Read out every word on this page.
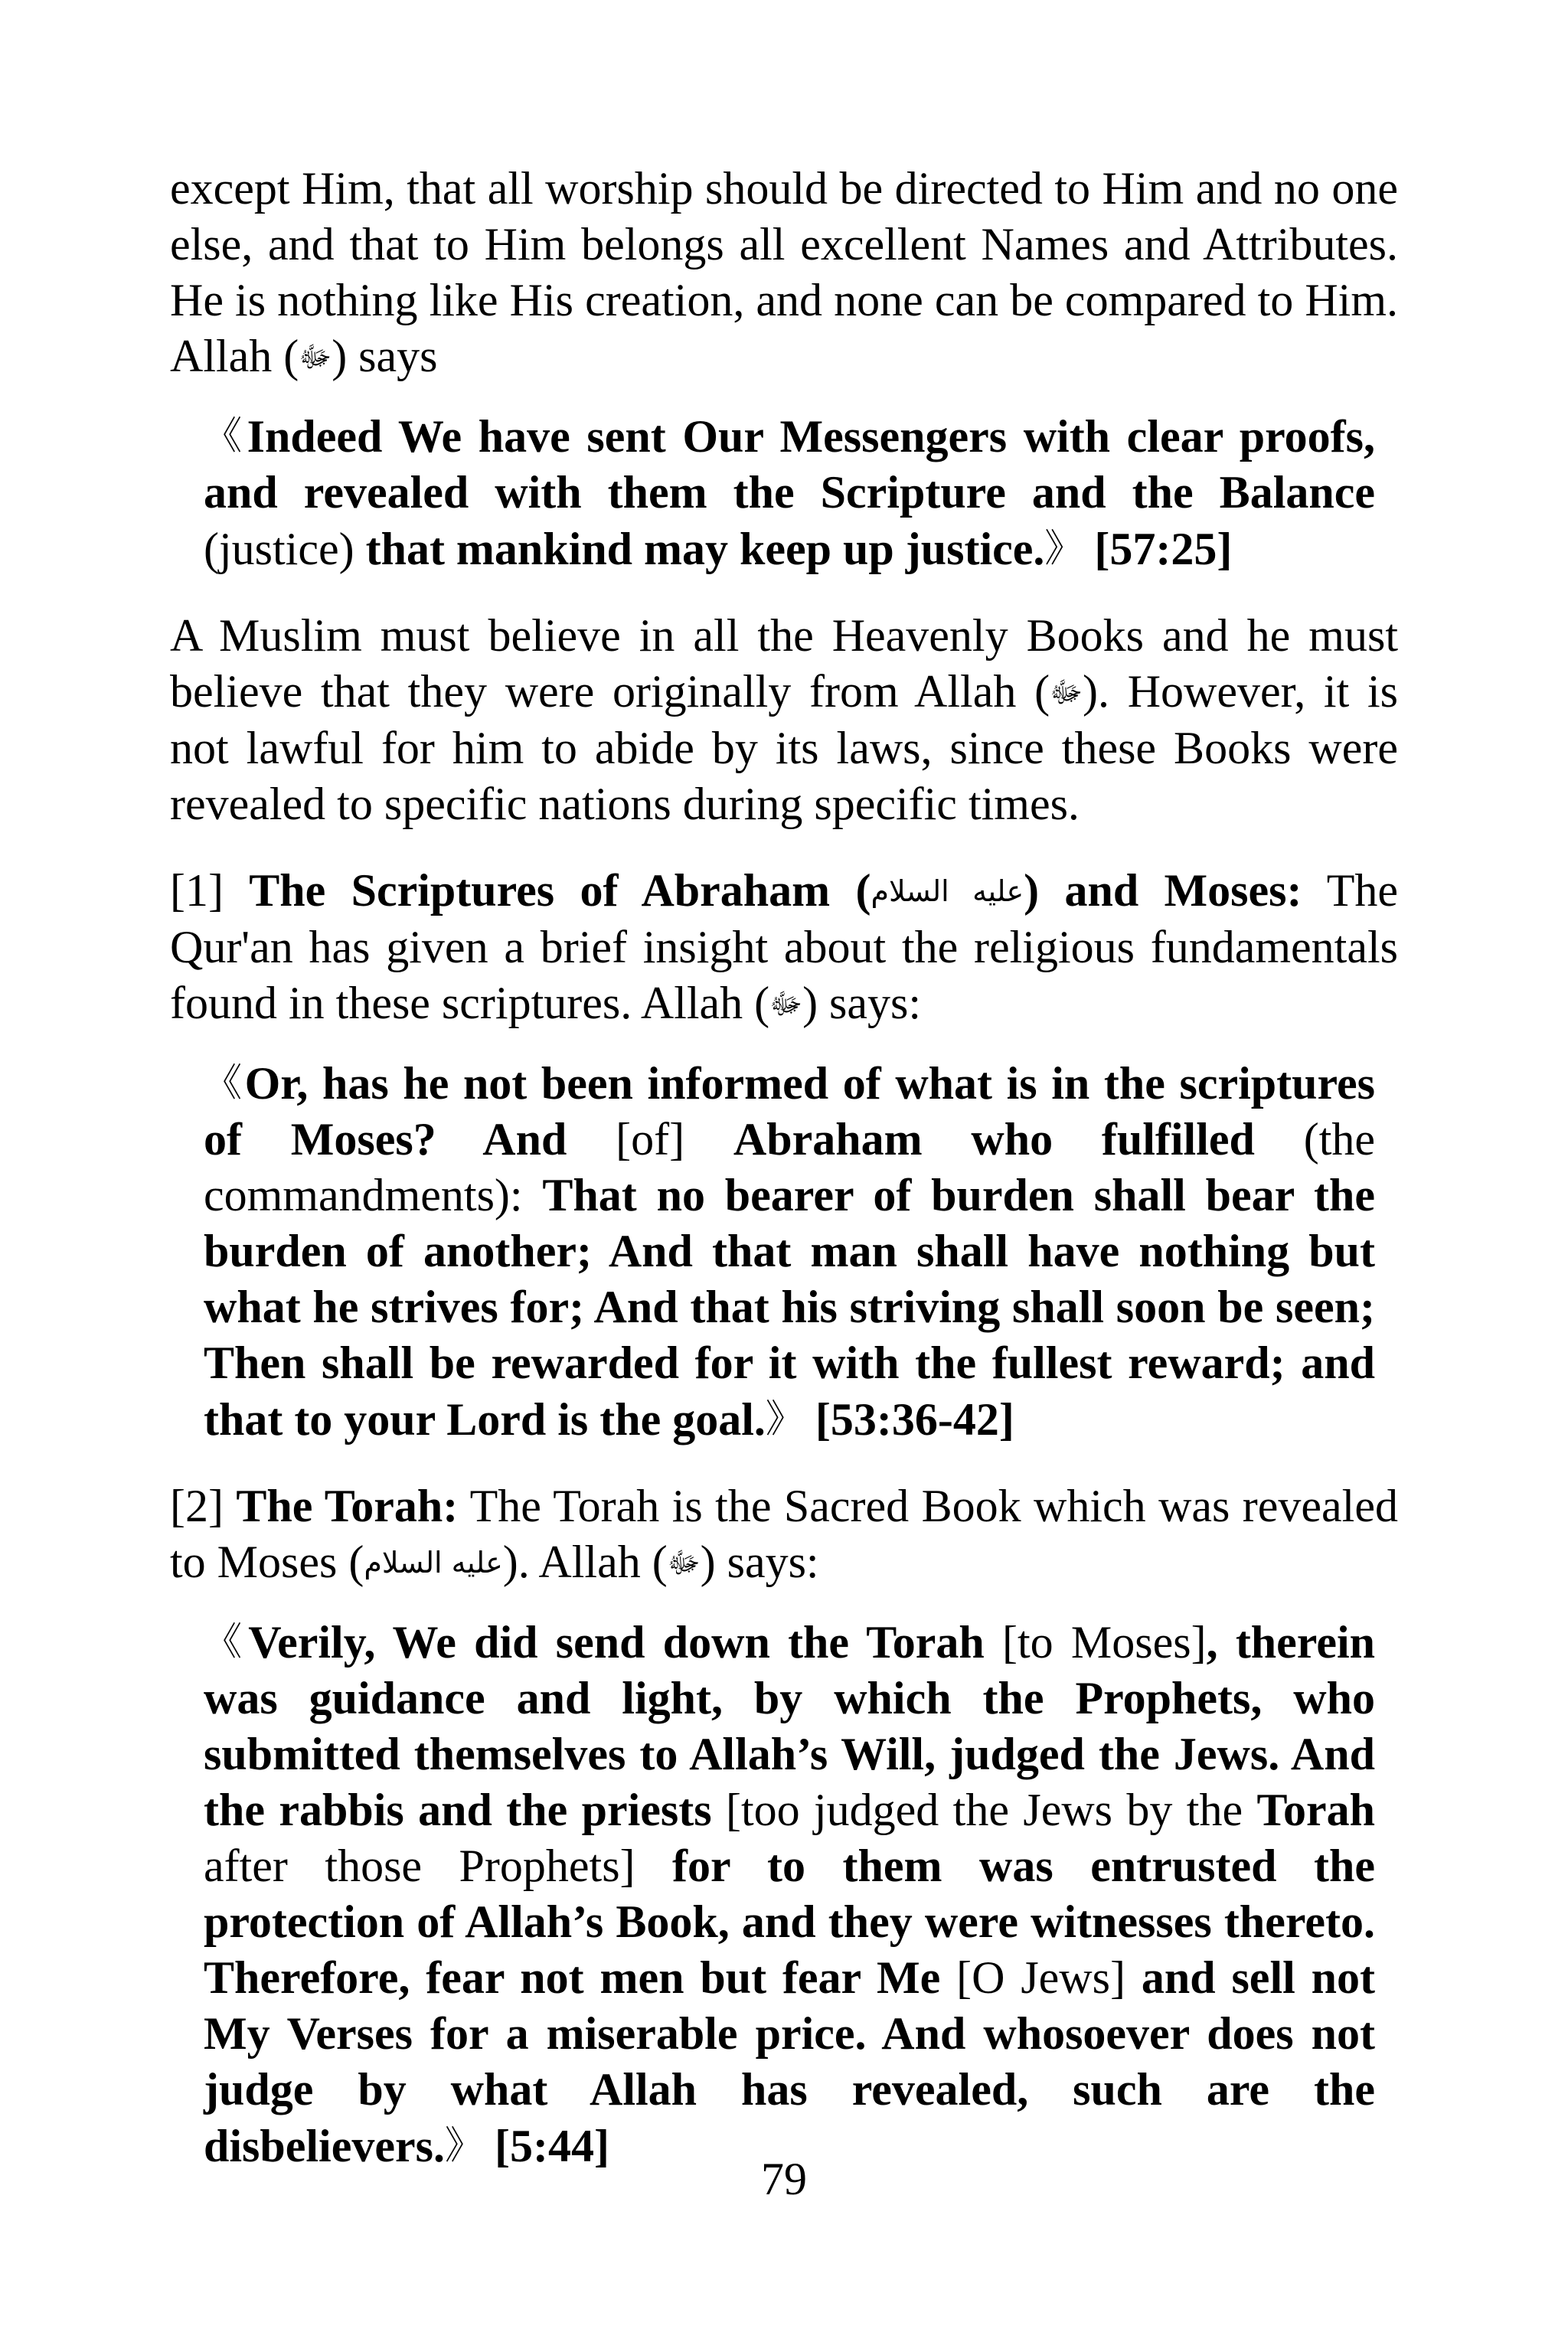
except Him, that all worship should be directed to Him and no one else, and that to Him belongs all excellent Names and Attributes. He is nothing like His creation, and none can be compared to Him. Allah (ﷻ) says

《Indeed We have sent Our Messengers with clear proofs, and revealed with them the Scripture and the Balance (justice) that mankind may keep up justice.》 [57:25]

A Muslim must believe in all the Heavenly Books and he must believe that they were originally from Allah (ﷻ). However, it is not lawful for him to abide by its laws, since these Books were revealed to specific nations during specific times.

[1] The Scriptures of Abraham (عليه السلام) and Moses: The Qur'an has given a brief insight about the religious fundamentals found in these scriptures. Allah (ﷻ) says:

《Or, has he not been informed of what is in the scriptures of Moses? And [of] Abraham who fulfilled (the commandments): That no bearer of burden shall bear the burden of another; And that man shall have nothing but what he strives for; And that his striving shall soon be seen; Then shall be rewarded for it with the fullest reward; and that to your Lord is the goal.》 [53:36-42]

[2] The Torah: The Torah is the Sacred Book which was revealed to Moses (عليه السلام). Allah (ﷻ) says:

《Verily, We did send down the Torah [to Moses], therein was guidance and light, by which the Prophets, who submitted themselves to Allah’s Will, judged the Jews. And the rabbis and the priests [too judged the Jews by the Torah after those Prophets] for to them was entrusted the protection of Allah’s Book, and they were witnesses thereto. Therefore, fear not men but fear Me [O Jews] and sell not My Verses for a miserable price. And whosoever does not judge by what Allah has revealed, such are the disbelievers.》 [5:44]

79
